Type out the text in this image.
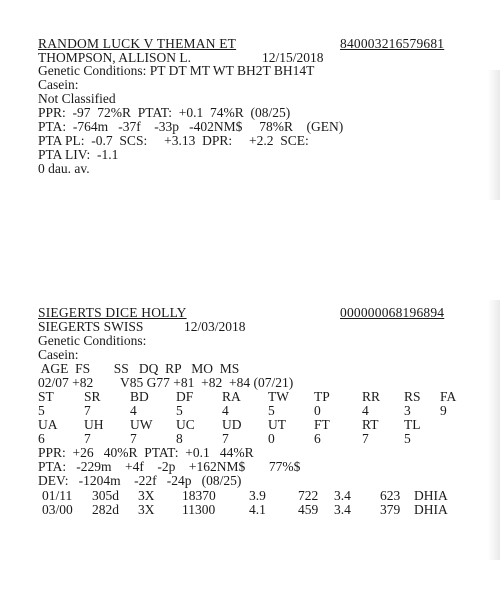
RANDOM LUCK V THEMAN ET	840003216579681
THOMPSON, ALLISON L.	12/15/2018
Genetic Conditions: PT DT MT WT BH2T BH14T
Casein:
Not Classified
PPR:  -97  72%R  PTAT:  +0.1  74%R  (08/25)
PTA:  -764m   -37f    -33p   -402NM$     78%R    (GEN)
PTA PL:  -0.7  SCS:     +3.13  DPR:     +2.2  SCE:
PTA LIV:  -1.1
0 dau. av.
SIEGERTS DICE HOLLY	000000068196894
SIEGERTS SWISS	12/03/2018
Genetic Conditions:
Casein:
AGE  FS       SS   DQ  RP   MO  MS
02/07 +82        V85 G77 +81  +82  +84 (07/21)
ST SR BD DF RA TW TP RR RS FA
5	7	4	5	4	5	0	4	3 9
UA UH UW UC UD UT FT RT TL
6	7	7	8	7	0	6	7	5
PPR:  +26   40%R  PTAT:  +0.1   44%R
PTA:   -229m    +4f    -2p    +162NM$       77%$
DEV:   -1204m    -22f   -24p   (08/25)
01/11 305d 3X 18370 3.9 722 3.4 623 DHIA
03/00 282d 3X 11300	4.1 459 3.4 379 DHIA
